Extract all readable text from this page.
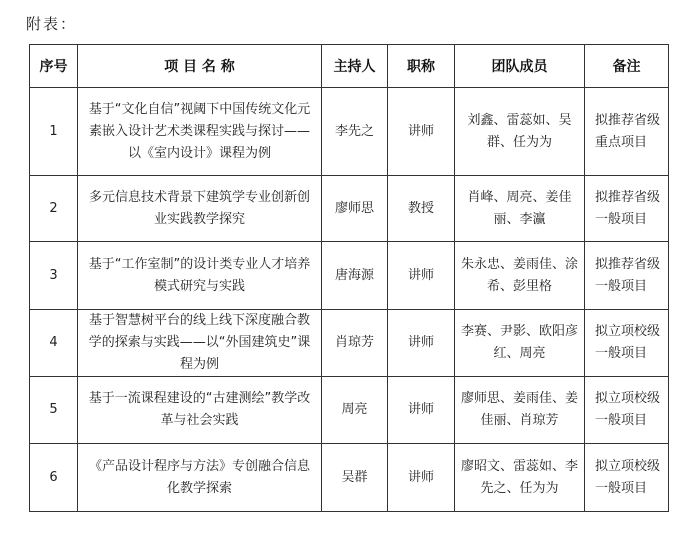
附表：
序号	项 目 名 称	主持人	职称	团队成员	备注
1	基于“文化自信”视阈下中国传统文化元素嵌入设计艺术类课程实践与探讨——以《室内设计》课程为例	李先之	讲师	刘鑫、雷蕊如、吴群、任为为	拟推荐省级重点项目
2	多元信息技术背景下建筑学专业创新创业实践教学探究	廖师思	教授	肖峰、周亮、姜佳丽、李瀛	拟推荐省级一般项目
3	基于“工作室制”的设计类专业人才培养模式研究与实践	唐海源	讲师	朱永忠、姜雨佳、涂希、彭里格	拟推荐省级一般项目
4	基于智慧树平台的线上线下深度融合教学的探索与实践——以“外国建筑史”课程为例	肖琼芳	讲师	李赛、尹影、欧阳彦红、周亮	拟立项校级一般项目
5	基于一流课程建设的“古建测绘”教学改革与社会实践	周亮	讲师	廖师思、姜雨佳、姜佳丽、肖琼芳	拟立项校级一般项目
6	《产品设计程序与方法》专创融合信息化教学探索	吴群	讲师	廖昭文、雷蕊如、李先之、任为为	拟立项校级一般项目
